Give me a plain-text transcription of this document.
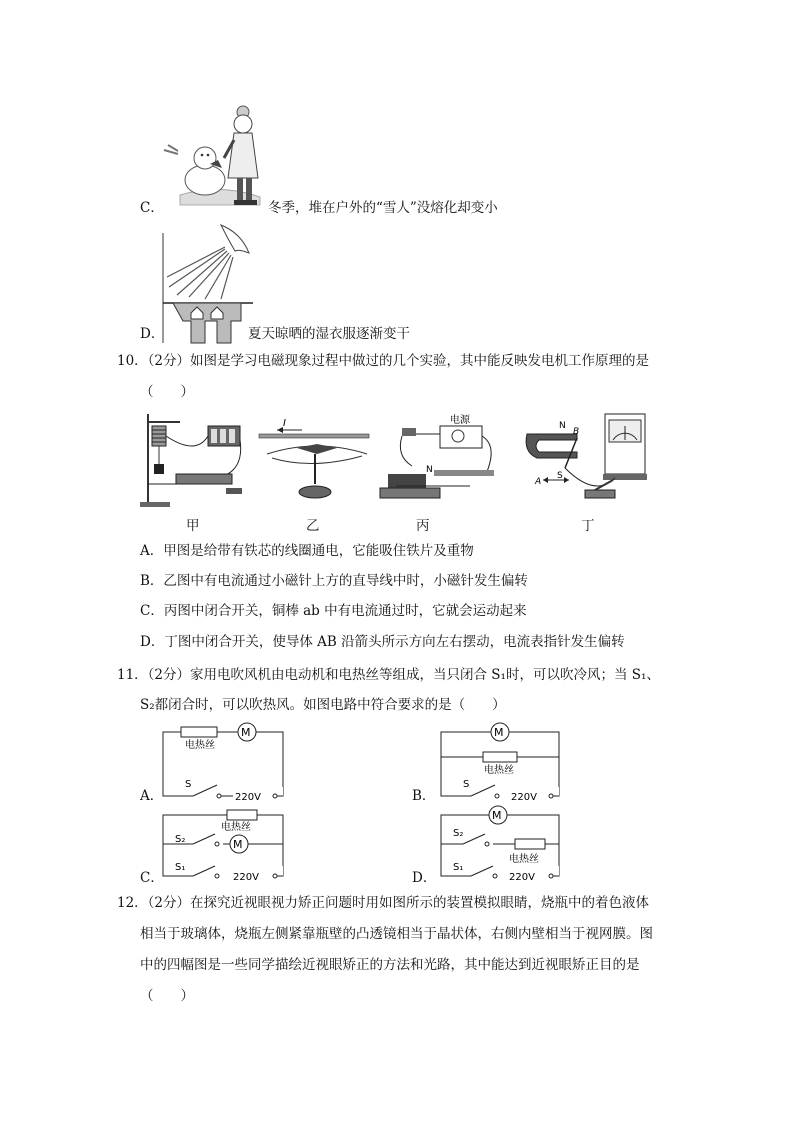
C．	冬季，堆在户外的“雪人”没熔化却变小
D．	夏天晾晒的湿衣服逐渐变干
10．（2分）如图是学习电磁现象过程中做过的几个实验，其中能反映发电机工作原理的是
（　　）
I	电源
N
N
B
A
S
甲	乙	丙	丁
A．甲图是给带有铁芯的线圈通电，它能吸住铁片及重物
B．乙图中有电流通过小磁针上方的直导线中时，小磁针发生偏转
C．丙图中闭合开关，铜棒 ab 中有电流通过时，它就会运动起来
D．丁图中闭合开关，使导体 AB 沿箭头所示方向左右摆动，电流表指针发生偏转
11．（2分）家用电吹风机由电动机和电热丝等组成，当只闭合 S₁时，可以吹冷风；当 S₁、
S₂都闭合时，可以吹热风。如图电路中符合要求的是（　　）
电热丝
M
S
220V
A．
M
电热丝
S
220V
B．
电热丝
S₂	M
S₁
220V
C．
M
S₂
电热丝
S₁
220V
D．
12．（2分）在探究近视眼视力矫正问题时用如图所示的装置模拟眼睛，烧瓶中的着色液体
相当于玻璃体，烧瓶左侧紧靠瓶壁的凸透镜相当于晶状体，右侧内壁相当于视网膜。图
中的四幅图是一些同学描绘近视眼矫正的方法和光路，其中能达到近视眼矫正目的是
（　　）
